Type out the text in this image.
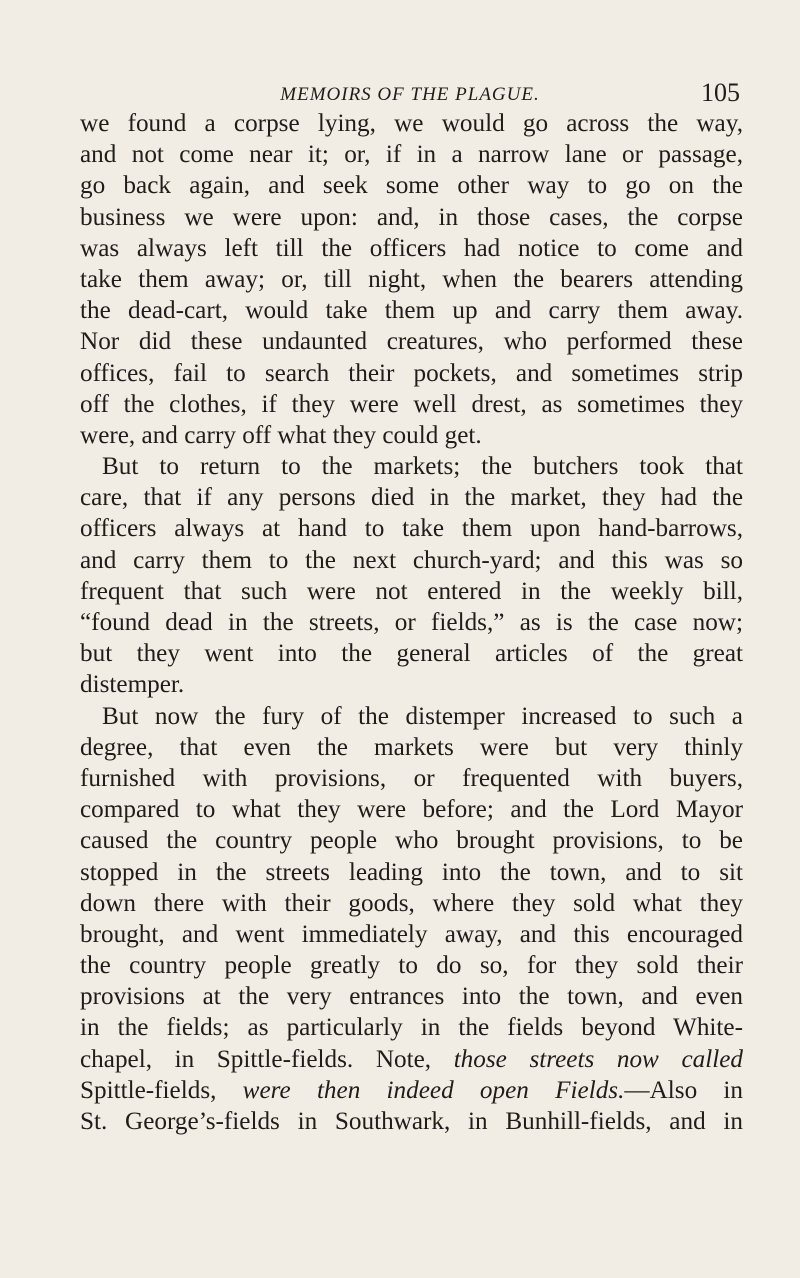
MEMOIRS OF THE PLAGUE.	105
we found a corpse lying, we would go across the way,
and not come near it; or, if in a narrow lane or passage,
go back again, and seek some other way to go on the
business we were upon: and, in those cases, the corpse
was always left till the officers had notice to come and
take them away; or, till night, when the bearers attending
the dead-cart, would take them up and carry them away.
Nor did these undaunted creatures, who performed these
offices, fail to search their pockets, and sometimes strip
off the clothes, if they were well drest, as sometimes they
were, and carry off what they could get.
But to return to the markets; the butchers took that
care, that if any persons died in the market, they had the
officers always at hand to take them upon hand-barrows,
and carry them to the next church-yard; and this was so
frequent that such were not entered in the weekly bill,
“found dead in the streets, or fields,” as is the case now;
but they went into the general articles of the great
distemper.
But now the fury of the distemper increased to such a
degree, that even the markets were but very thinly
furnished with provisions, or frequented with buyers,
compared to what they were before; and the Lord Mayor
caused the country people who brought provisions, to be
stopped in the streets leading into the town, and to sit
down there with their goods, where they sold what they
brought, and went immediately away, and this encouraged
the country people greatly to do so, for they sold their
provisions at the very entrances into the town, and even
in the fields; as particularly in the fields beyond White-
chapel, in Spittle-fields. Note, those streets now called
Spittle-fields, were then indeed open Fields.—Also in
St. George’s-fields in Southwark, in Bunhill-fields, and in
